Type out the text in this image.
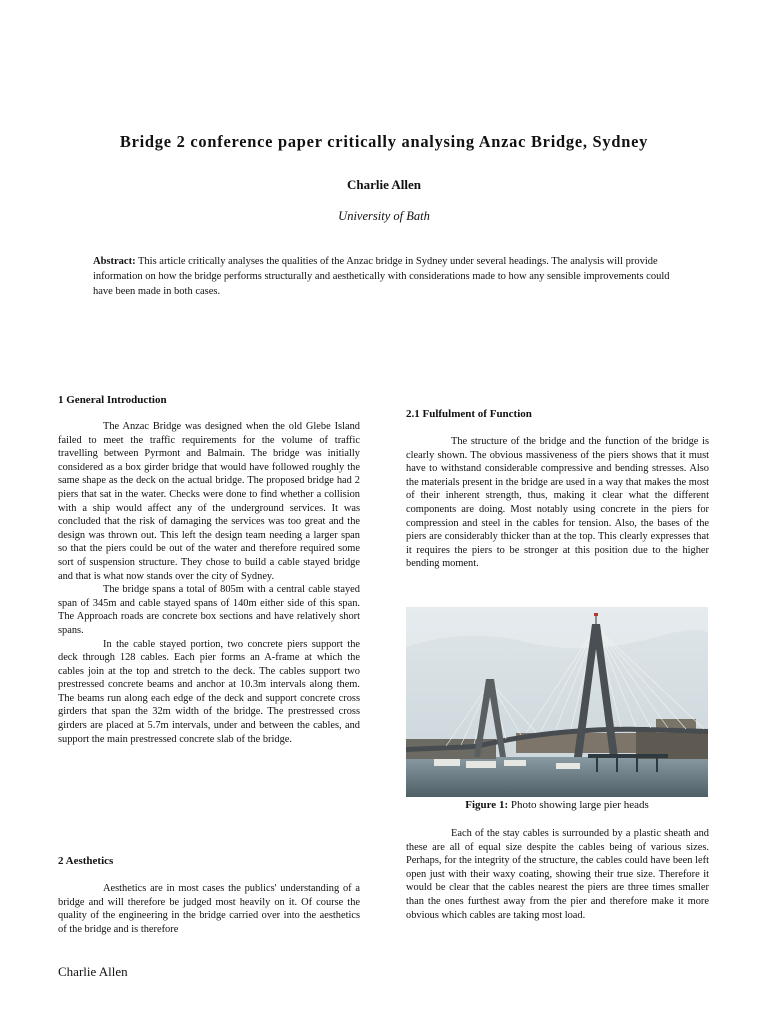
Bridge 2 conference paper critically analysing Anzac Bridge, Sydney
Charlie Allen
University of Bath
Abstract: This article critically analyses the qualities of the Anzac bridge in Sydney under several headings. The analysis will provide information on how the bridge performs structurally and aesthetically with considerations made to how any sensible improvements could have been made in both cases.
1 General Introduction

The Anzac Bridge was designed when the old Glebe Island failed to meet the traffic requirements for the volume of traffic travelling between Pyrmont and Balmain. The bridge was initially considered as a box girder bridge that would have followed roughly the same shape as the deck on the actual bridge. The proposed bridge had 2 piers that sat in the water. Checks were done to find whether a collision with a ship would affect any of the underground services. It was concluded that the risk of damaging the services was too great and the design was thrown out. This left the design team needing a larger span so that the piers could be out of the water and therefore required some sort of suspension structure. They chose to build a cable stayed bridge and that is what now stands over the city of Sydney.

The bridge spans a total of 805m with a central cable stayed span of 345m and cable stayed spans of 140m either side of this span. The Approach roads are concrete box sections and have relatively short spans.

In the cable stayed portion, two concrete piers support the deck through 128 cables. Each pier forms an A-frame at which the cables join at the top and stretch to the deck. The cables support two prestressed concrete beams and anchor at 10.3m intervals along them. The beams run along each edge of the deck and support concrete cross girders that span the 32m width of the bridge. The prestressed cross girders are placed at 5.7m intervals, under and between the cables, and support the main prestressed concrete slab of the bridge.

2 Aesthetics

Aesthetics are in most cases the publics' understanding of a bridge and will therefore be judged most heavily on it. Of course the quality of the engineering in the bridge carried over into the aesthetics of the bridge and is therefore

Charlie Allen
2.1 Fulfulment of Function

The structure of the bridge and the function of the bridge is clearly shown. The obvious massiveness of the piers shows that it must have to withstand considerable compressive and bending stresses. Also the materials present in the bridge are used in a way that makes the most of their inherent strength, thus, making it clear what the different components are doing. Most notably using concrete in the piers for compression and steel in the cables for tension. Also, the bases of the piers are considerably thicker than at the top. This clearly expresses that it requires the piers to be stronger at this position due to the higher bending moment.

Figure 1: Photo showing large pier heads

Each of the stay cables is surrounded by a plastic sheath and these are all of equal size despite the cables being of various sizes. Perhaps, for the integrity of the structure, the cables could have been left open just with their waxy coating, showing their true size. Therefore it would be clear that the cables nearest the piers are three times smaller than the ones furthest away from the pier and therefore make it more obvious which cables are taking most load.
